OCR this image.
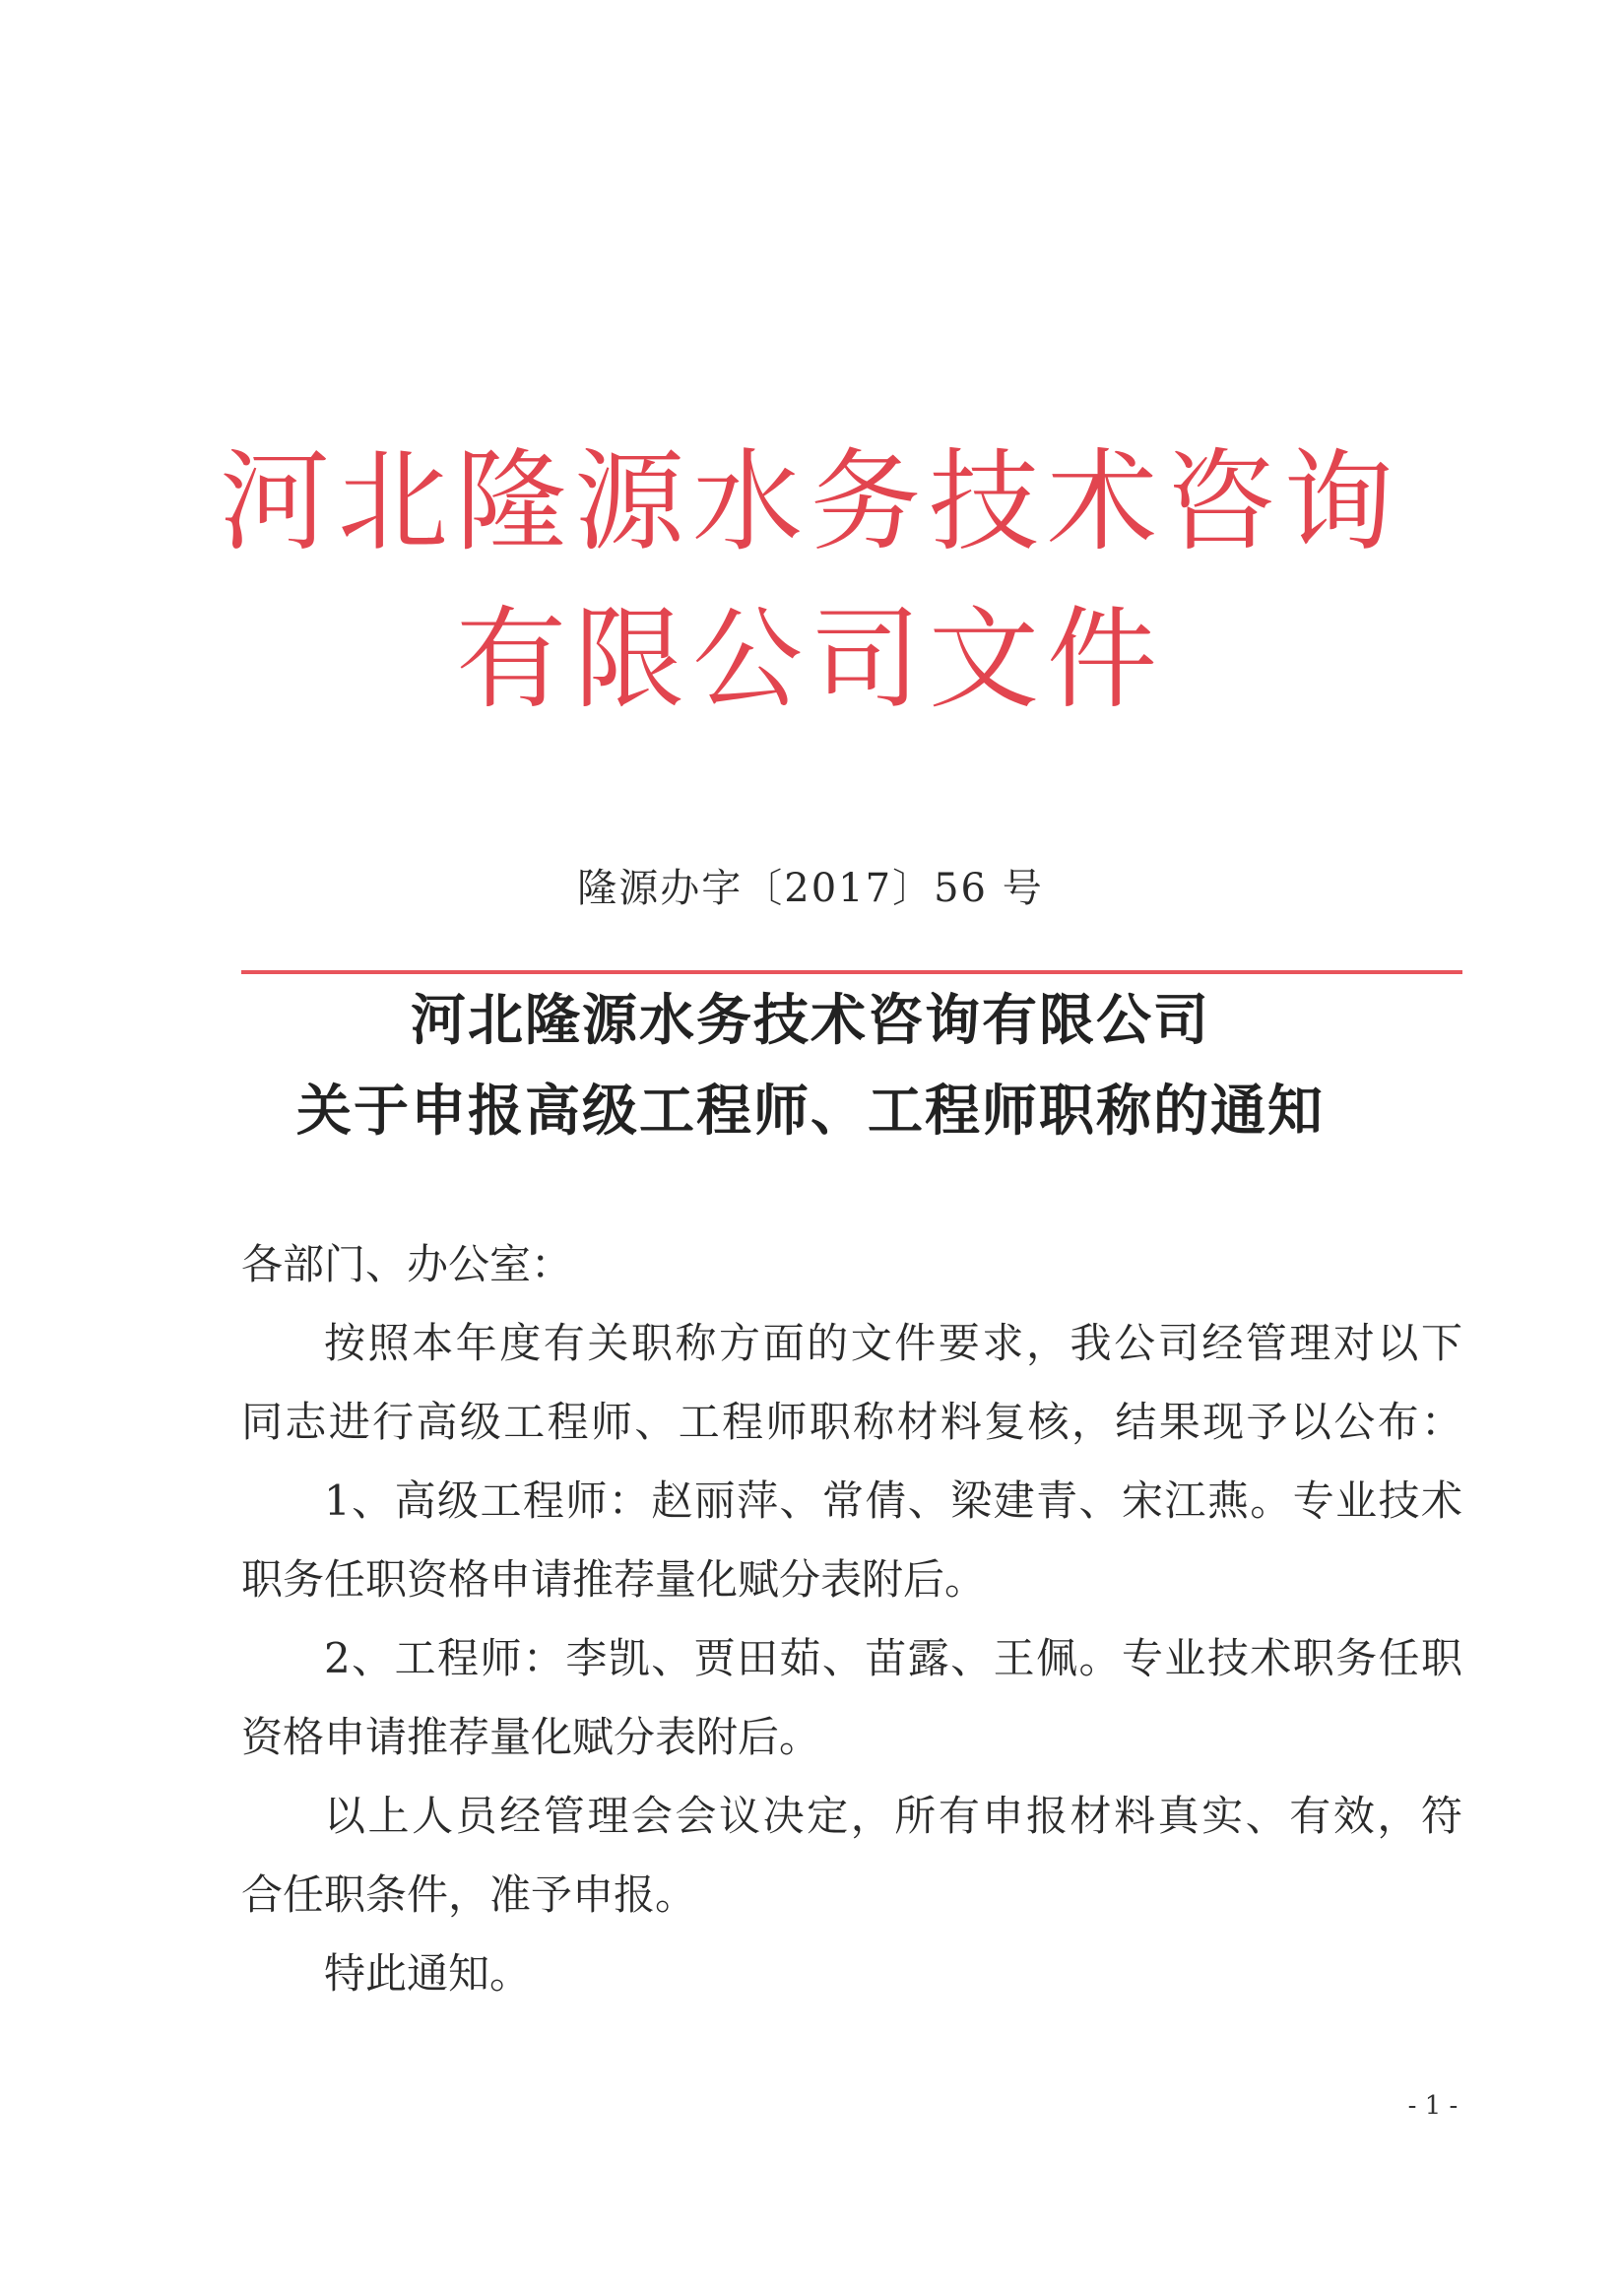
河北隆源水务技术咨询
有限公司文件
隆源办字〔2017〕56 号
河北隆源水务技术咨询有限公司
关于申报高级工程师、工程师职称的通知
各部门、办公室：
按照本年度有关职称方面的文件要求，我公司经管理对以下
同志进行高级工程师、工程师职称材料复核，结果现予以公布：
1、高级工程师：赵丽萍、常倩、梁建青、宋江燕。专业技术
职务任职资格申请推荐量化赋分表附后。
2、工程师：李凯、贾田茹、苗露、王佩。专业技术职务任职
资格申请推荐量化赋分表附后。
以上人员经管理会会议决定，所有申报材料真实、有效，符
合任职条件，准予申报。
特此通知。
- 1 -
